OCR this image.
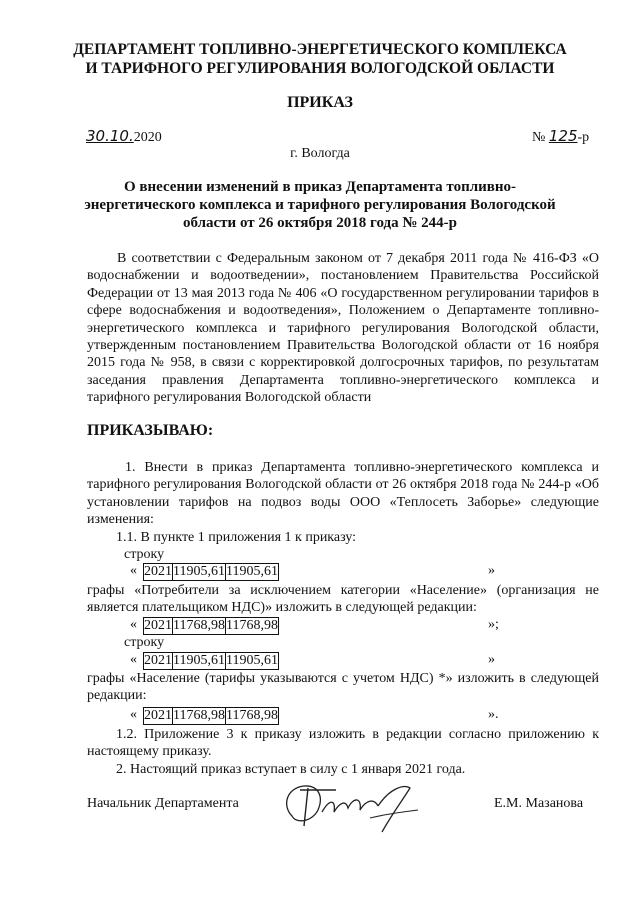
ДЕПАРТАМЕНТ ТОПЛИВНО-ЭНЕРГЕТИЧЕСКОГО КОМПЛЕКСА
И ТАРИФНОГО РЕГУЛИРОВАНИЯ ВОЛОГОДСКОЙ ОБЛАСТИ
ПРИКАЗ
30.10.2020	№ 125-р
г. Вологда
О внесении изменений в приказ Департамента топливно-
энергетического комплекса и тарифного регулирования Вологодской
области от 26 октября 2018 года № 244-р
В соответствии с Федеральным законом от 7 декабря 2011 года № 416-ФЗ «О водоснабжении и водоотведении», постановлением Правительства Российской Федерации от 13 мая 2013 года № 406 «О государственном регулировании тарифов в сфере водоснабжения и водоотведения», Положением о Департаменте топливно-энергетического комплекса и тарифного регулирования Вологодской области, утвержденным постановлением Правительства Вологодской области от 16 ноября 2015 года № 958, в связи с корректировкой долгосрочных тарифов, по результатам заседания правления Департамента топливно-энергетического комплекса и тарифного регулирования Вологодской области
ПРИКАЗЫВАЮ:
1. Внести в приказ Департамента топливно-энергетического комплекса и тарифного регулирования Вологодской области от 26 октября 2018 года № 244-р «Об установлении тарифов на подвоз воды ООО «Теплосеть Заборье» следующие изменения:
1.1. В пункте 1 приложения 1 к приказу:
строку
« 2021	11905,61	11905,61	»
графы «Потребители за исключением категории «Население» (организация не является плательщиком НДС)» изложить в следующей редакции:
« 2021	11768,98	11768,98	»;
строку
« 2021	11905,61	11905,61	»
графы «Население (тарифы указываются с учетом НДС) *» изложить в следующей редакции:
« 2021	11768,98	11768,98	».
1.2. Приложение 3 к приказу изложить в редакции согласно приложению к настоящему приказу.
2. Настоящий приказ вступает в силу с 1 января 2021 года.
Начальник Департамента	Е.М. Мазанова
